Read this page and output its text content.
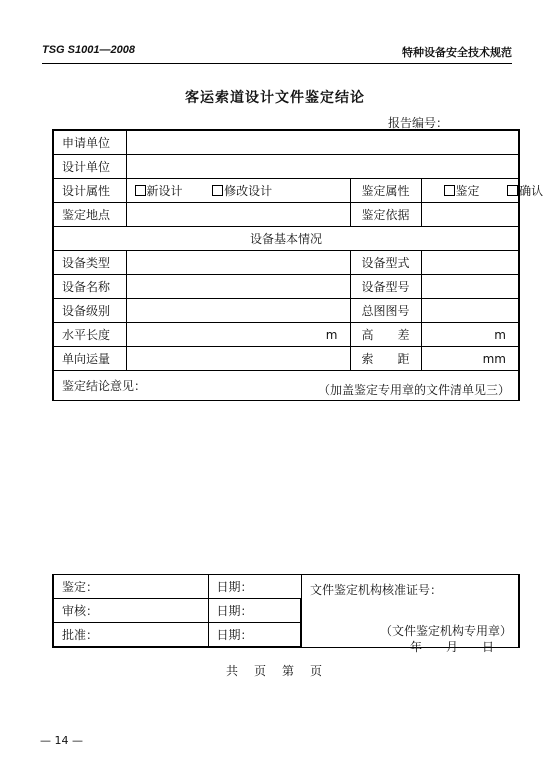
TSG S1001—2008	特种设备安全技术规范
客运索道设计文件鉴定结论
报告编号：
申请单位			
设计单位			
设计属性	新设计 修改设计	鉴定属性	鉴定 确认
鉴定地点		鉴定依据	
设备基本情况			
设备类型		设备型式	
设备名称		设备型号	
设备级别		总图图号	
水平长度	m	高　　差	m
单向运量		索　　距	mm
鉴定结论意见： （加盖鉴定专用章的文件清单见三）			
鉴定：	日期：	文件鉴定机构核准证号：
（文件鉴定机构专用章）
年　　月　　日

审核：	日期：	
批准：	日期：	
共　页　第　页
— 14 —
